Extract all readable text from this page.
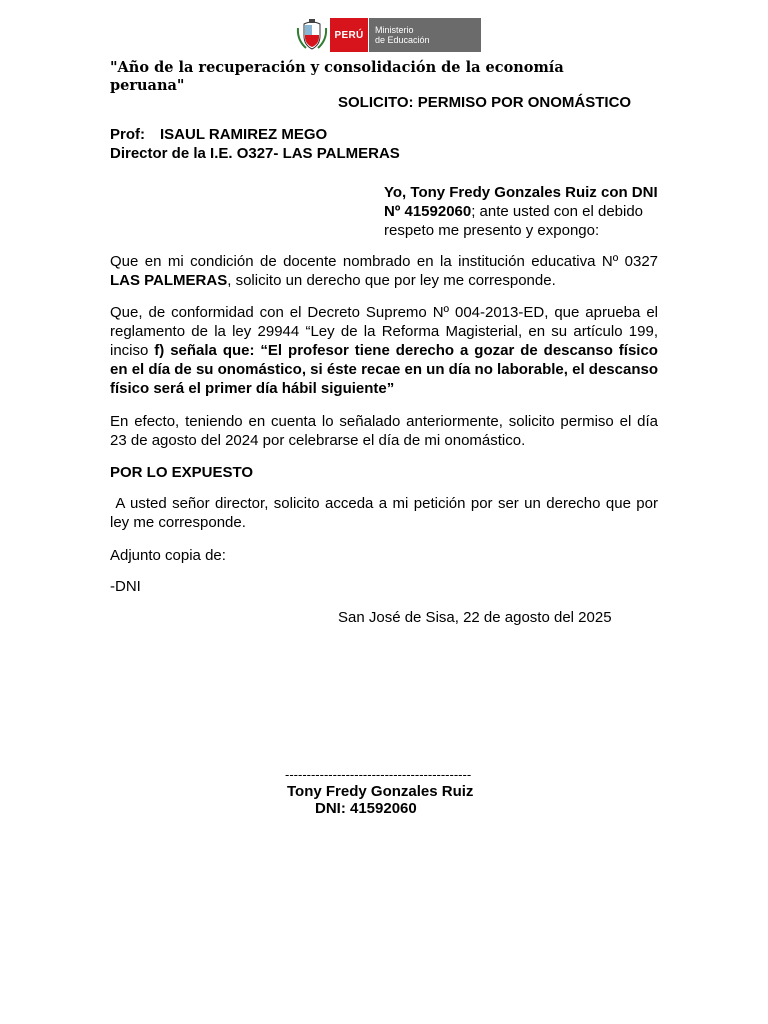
PERÚ	Ministerio
de Educación
"Año de la recuperación y consolidación de la economía peruana"
SOLICITO: PERMISO POR ONOMÁSTICO
Prof: ISAUL RAMIREZ MEGO
Director de la I.E. O327- LAS PALMERAS
Yo, Tony Fredy Gonzales Ruiz con DNI Nº 41592060; ante usted con el debido respeto me presento y expongo:
Que en mi condición de docente nombrado en la institución educativa Nº 0327 LAS PALMERAS, solicito un derecho que por ley me corresponde.
Que, de conformidad con el Decreto Supremo Nº 004-2013-ED, que aprueba el reglamento de la ley 29944 “Ley de la Reforma Magisterial, en su artículo 199, inciso f) señala que: “El profesor tiene derecho a gozar de descanso físico en el día de su onomástico, si éste recae en un día no laborable, el descanso físico será el primer día hábil siguiente”
En efecto, teniendo en cuenta lo señalado anteriormente, solicito permiso el día 23 de agosto del 2024 por celebrarse el día de mi onomástico.
POR LO EXPUESTO
A usted señor director, solicito acceda a mi petición por ser un derecho que por ley me corresponde.
Adjunto copia de:
-DNI
San José de Sisa, 22 de agosto del 2025
-------------------------------------------
Tony Fredy Gonzales Ruiz
DNI: 41592060
